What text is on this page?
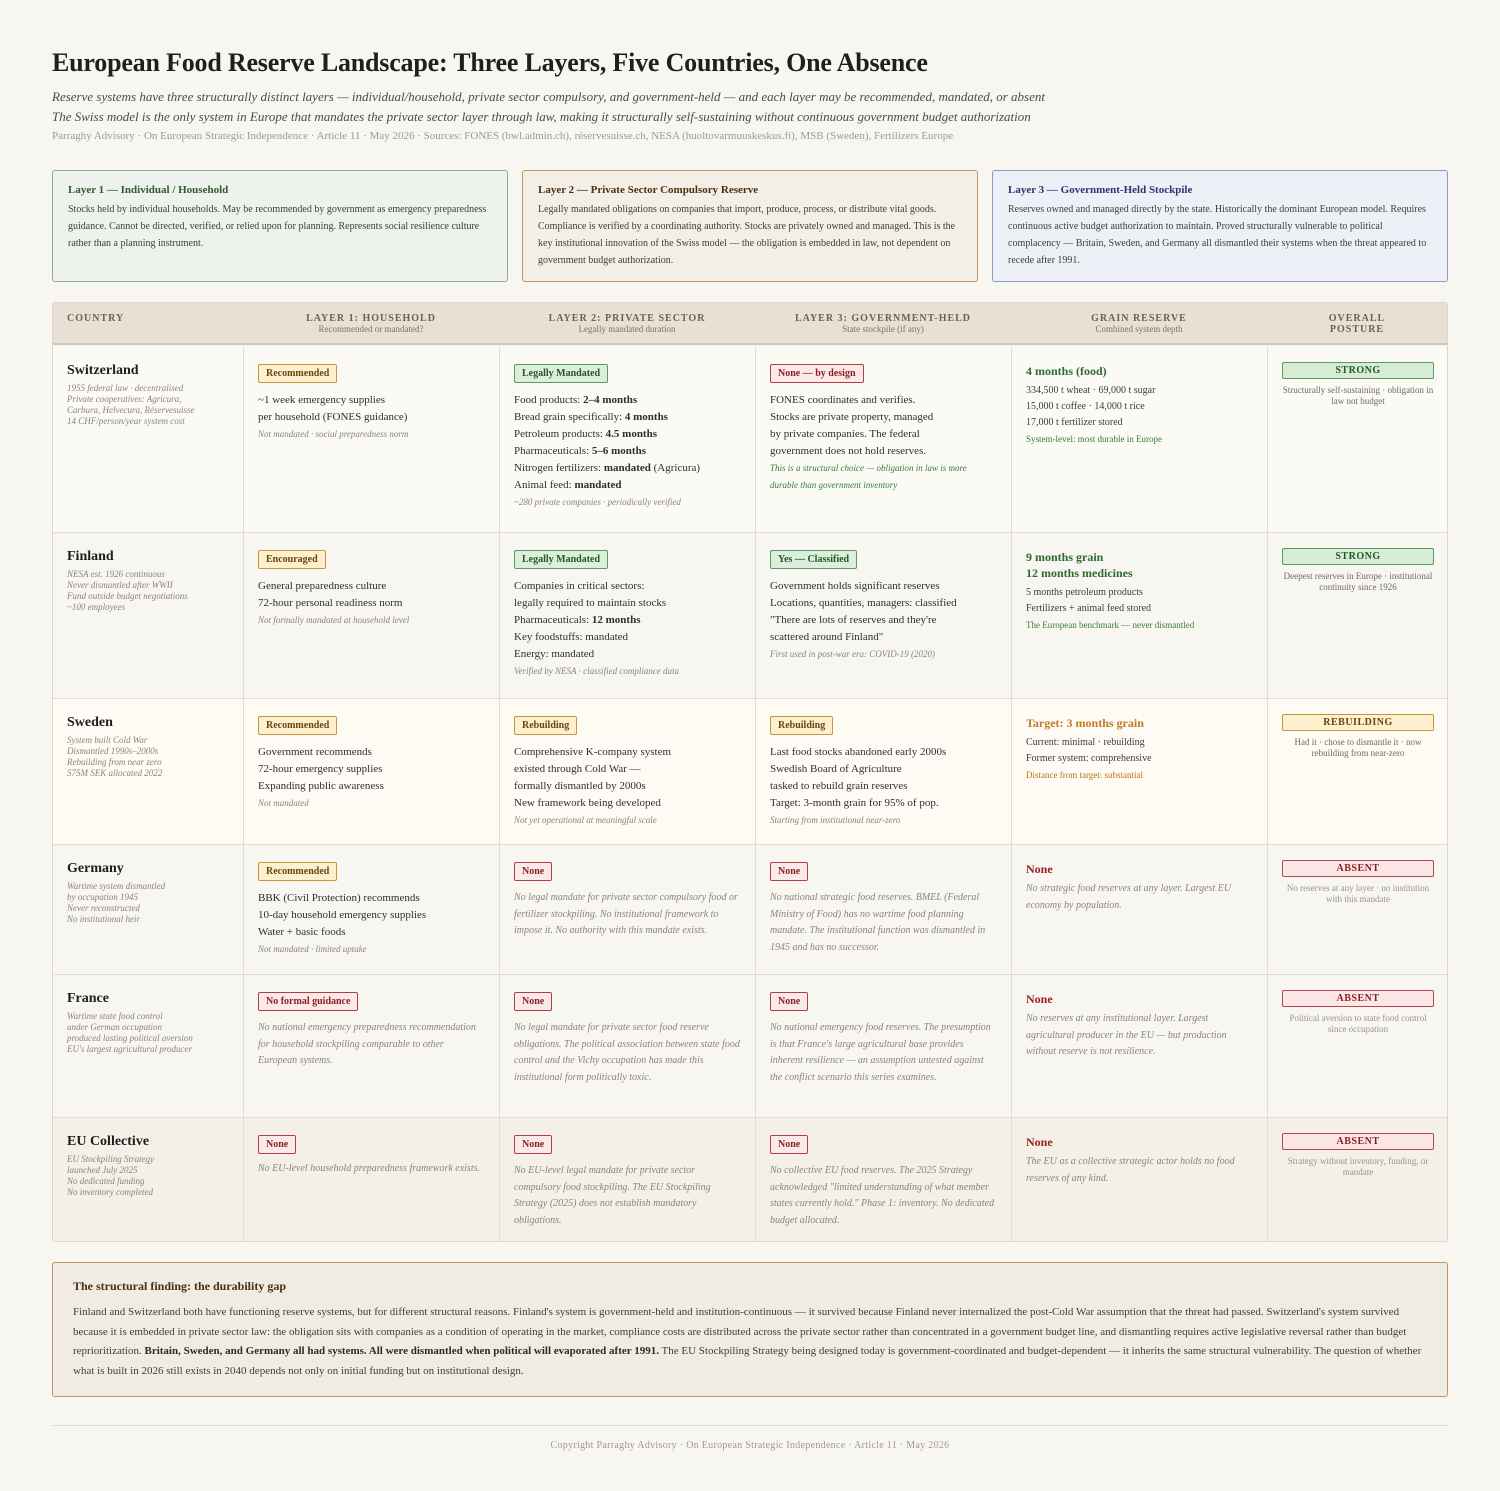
European Food Reserve Landscape: Three Layers, Five Countries, One Absence
Reserve systems have three structurally distinct layers — individual/household, private sector compulsory, and government-held — and each layer may be recommended, mandated, or absent
The Swiss model is the only system in Europe that mandates the private sector layer through law, making it structurally self-sustaining without continuous government budget authorization
Parraghy Advisory · On European Strategic Independence · Article 11 · May 2026 · Sources: FONES (bwl.admin.ch), réservesuisse.ch, NESA (huoltovarmuuskeskus.fi), MSB (Sweden), Fertilizers Europe
Layer 1 — Individual / Household
Stocks held by individual households. May be recommended by government as emergency preparedness guidance. Cannot be directed, verified, or relied upon for planning. Represents social resilience culture rather than a planning instrument.
Layer 2 — Private Sector Compulsory Reserve
Legally mandated obligations on companies that import, produce, process, or distribute vital goods. Compliance is verified by a coordinating authority. Stocks are privately owned and managed. This is the key institutional innovation of the Swiss model — the obligation is embedded in law, not dependent on government budget authorization.
Layer 3 — Government-Held Stockpile
Reserves owned and managed directly by the state. Historically the dominant European model. Requires continuous active budget authorization to maintain. Proved structurally vulnerable to political complacency — Britain, Sweden, and Germany all dismantled their systems when the threat appeared to recede after 1991.
COUNTRY	LAYER 1: HOUSEHOLD
Recommended or mandated?
LAYER 2: PRIVATE SECTOR
Legally mandated duration
LAYER 3: GOVERNMENT-HELD
State stockpile (if any)
GRAIN RESERVE
Combined system depth
OVERALL POSTURE
Switzerland
1955 federal law · decentralised
Private cooperatives: Agricura,
Carbura, Helvecura, Réservesuisse
14 CHF/person/year system cost
Recommended
~1 week emergency supplies
per household (FONES guidance)
Not mandated · social preparedness norm
Legally Mandated
Food products: 2–4 months
Bread grain specifically: 4 months
Petroleum products: 4.5 months
Pharmaceuticals: 5–6 months
Nitrogen fertilizers: mandated (Agricura)
Animal feed: mandated
~280 private companies · periodically verified
None — by design
FONES coordinates and verifies.
Stocks are private property, managed
by private companies. The federal
government does not hold reserves.
This is a structural choice — obligation in law is more
durable than government inventory
4 months (food)
334,500 t wheat · 69,000 t sugar
15,000 t coffee · 14,000 t rice
17,000 t fertilizer stored
System-level: most durable in Europe
STRONG
Structurally self-sustaining · obligation in law not budget
Finland
NESA est. 1926 continuous
Never dismantled after WWII
Fund outside budget negotiations
~100 employees
Encouraged
General preparedness culture
72-hour personal readiness norm
Not formally mandated at household level
Legally Mandated
Companies in critical sectors:
legally required to maintain stocks
Pharmaceuticals: 12 months
Key foodstuffs: mandated
Energy: mandated
Verified by NESA · classified compliance data
Yes — Classified
Government holds significant reserves
Locations, quantities, managers: classified
"There are lots of reserves and they're
scattered around Finland"
First used in post-war era: COVID-19 (2020)
9 months grain
12 months medicines
5 months petroleum products
Fertilizers + animal feed stored
The European benchmark — never dismantled
STRONG
Deepest reserves in Europe · institutional continuity since 1926
Sweden
System built Cold War
Dismantled 1990s–2000s
Rebuilding from near zero
575M SEK allocated 2022
Recommended
Government recommends
72-hour emergency supplies
Expanding public awareness
Not mandated
Rebuilding
Comprehensive K-company system
existed through Cold War —
formally dismantled by 2000s
New framework being developed
Not yet operational at meaningful scale
Rebuilding
Last food stocks abandoned early 2000s
Swedish Board of Agriculture
tasked to rebuild grain reserves
Target: 3-month grain for 95% of pop.
Starting from institutional near-zero
Target: 3 months grain
Current: minimal · rebuilding
Former system: comprehensive
Distance from target: substantial
REBUILDING
Had it · chose to dismantle it · now rebuilding from near-zero
Germany
Wartime system dismantled
by occupation 1945
Never reconstructed
No institutional heir
Recommended
BBK (Civil Protection) recommends
10-day household emergency supplies
Water + basic foods
Not mandated · limited uptake
None
No legal mandate for private sector compulsory food or fertilizer stockpiling. No institutional framework to impose it. No authority with this mandate exists.
None
No national strategic food reserves. BMEL (Federal Ministry of Food) has no wartime food planning mandate. The institutional function was dismantled in 1945 and has no successor.
None
No strategic food reserves at any layer. Largest EU economy by population.
ABSENT
No reserves at any layer · no institution with this mandate
France
Wartime state food control
under German occupation
produced lasting political aversion
EU's largest agricultural producer
No formal guidance
No national emergency preparedness recommendation for household stockpiling comparable to other European systems.
None
No legal mandate for private sector food reserve obligations. The political association between state food control and the Vichy occupation has made this institutional form politically toxic.
None
No national emergency food reserves. The presumption is that France's large agricultural base provides inherent resilience — an assumption untested against the conflict scenario this series examines.
None
No reserves at any institutional layer. Largest agricultural producer in the EU — but production without reserve is not resilience.
ABSENT
Political aversion to state food control since occupation
EU Collective
EU Stockpiling Strategy
launched July 2025
No dedicated funding
No inventory completed
None
No EU-level household preparedness framework exists.
None
No EU-level legal mandate for private sector compulsory food stockpiling. The EU Stockpiling Strategy (2025) does not establish mandatory obligations.
None
No collective EU food reserves. The 2025 Strategy acknowledged "limited understanding of what member states currently hold." Phase 1: inventory. No dedicated budget allocated.
None
The EU as a collective strategic actor holds no food reserves of any kind.
ABSENT
Strategy without inventory, funding, or mandate
The structural finding: the durability gap
Finland and Switzerland both have functioning reserve systems, but for different structural reasons. Finland's system is government-held and institution-continuous — it survived because Finland never internalized the post-Cold War assumption that the threat had passed. Switzerland's system survived because it is embedded in private sector law: the obligation sits with companies as a condition of operating in the market, compliance costs are distributed across the private sector rather than concentrated in a government budget line, and dismantling requires active legislative reversal rather than budget reprioritization. Britain, Sweden, and Germany all had systems. All were dismantled when political will evaporated after 1991. The EU Stockpiling Strategy being designed today is government-coordinated and budget-dependent — it inherits the same structural vulnerability. The question of whether what is built in 2026 still exists in 2040 depends not only on initial funding but on institutional design.
Copyright Parraghy Advisory · On European Strategic Independence · Article 11 · May 2026
